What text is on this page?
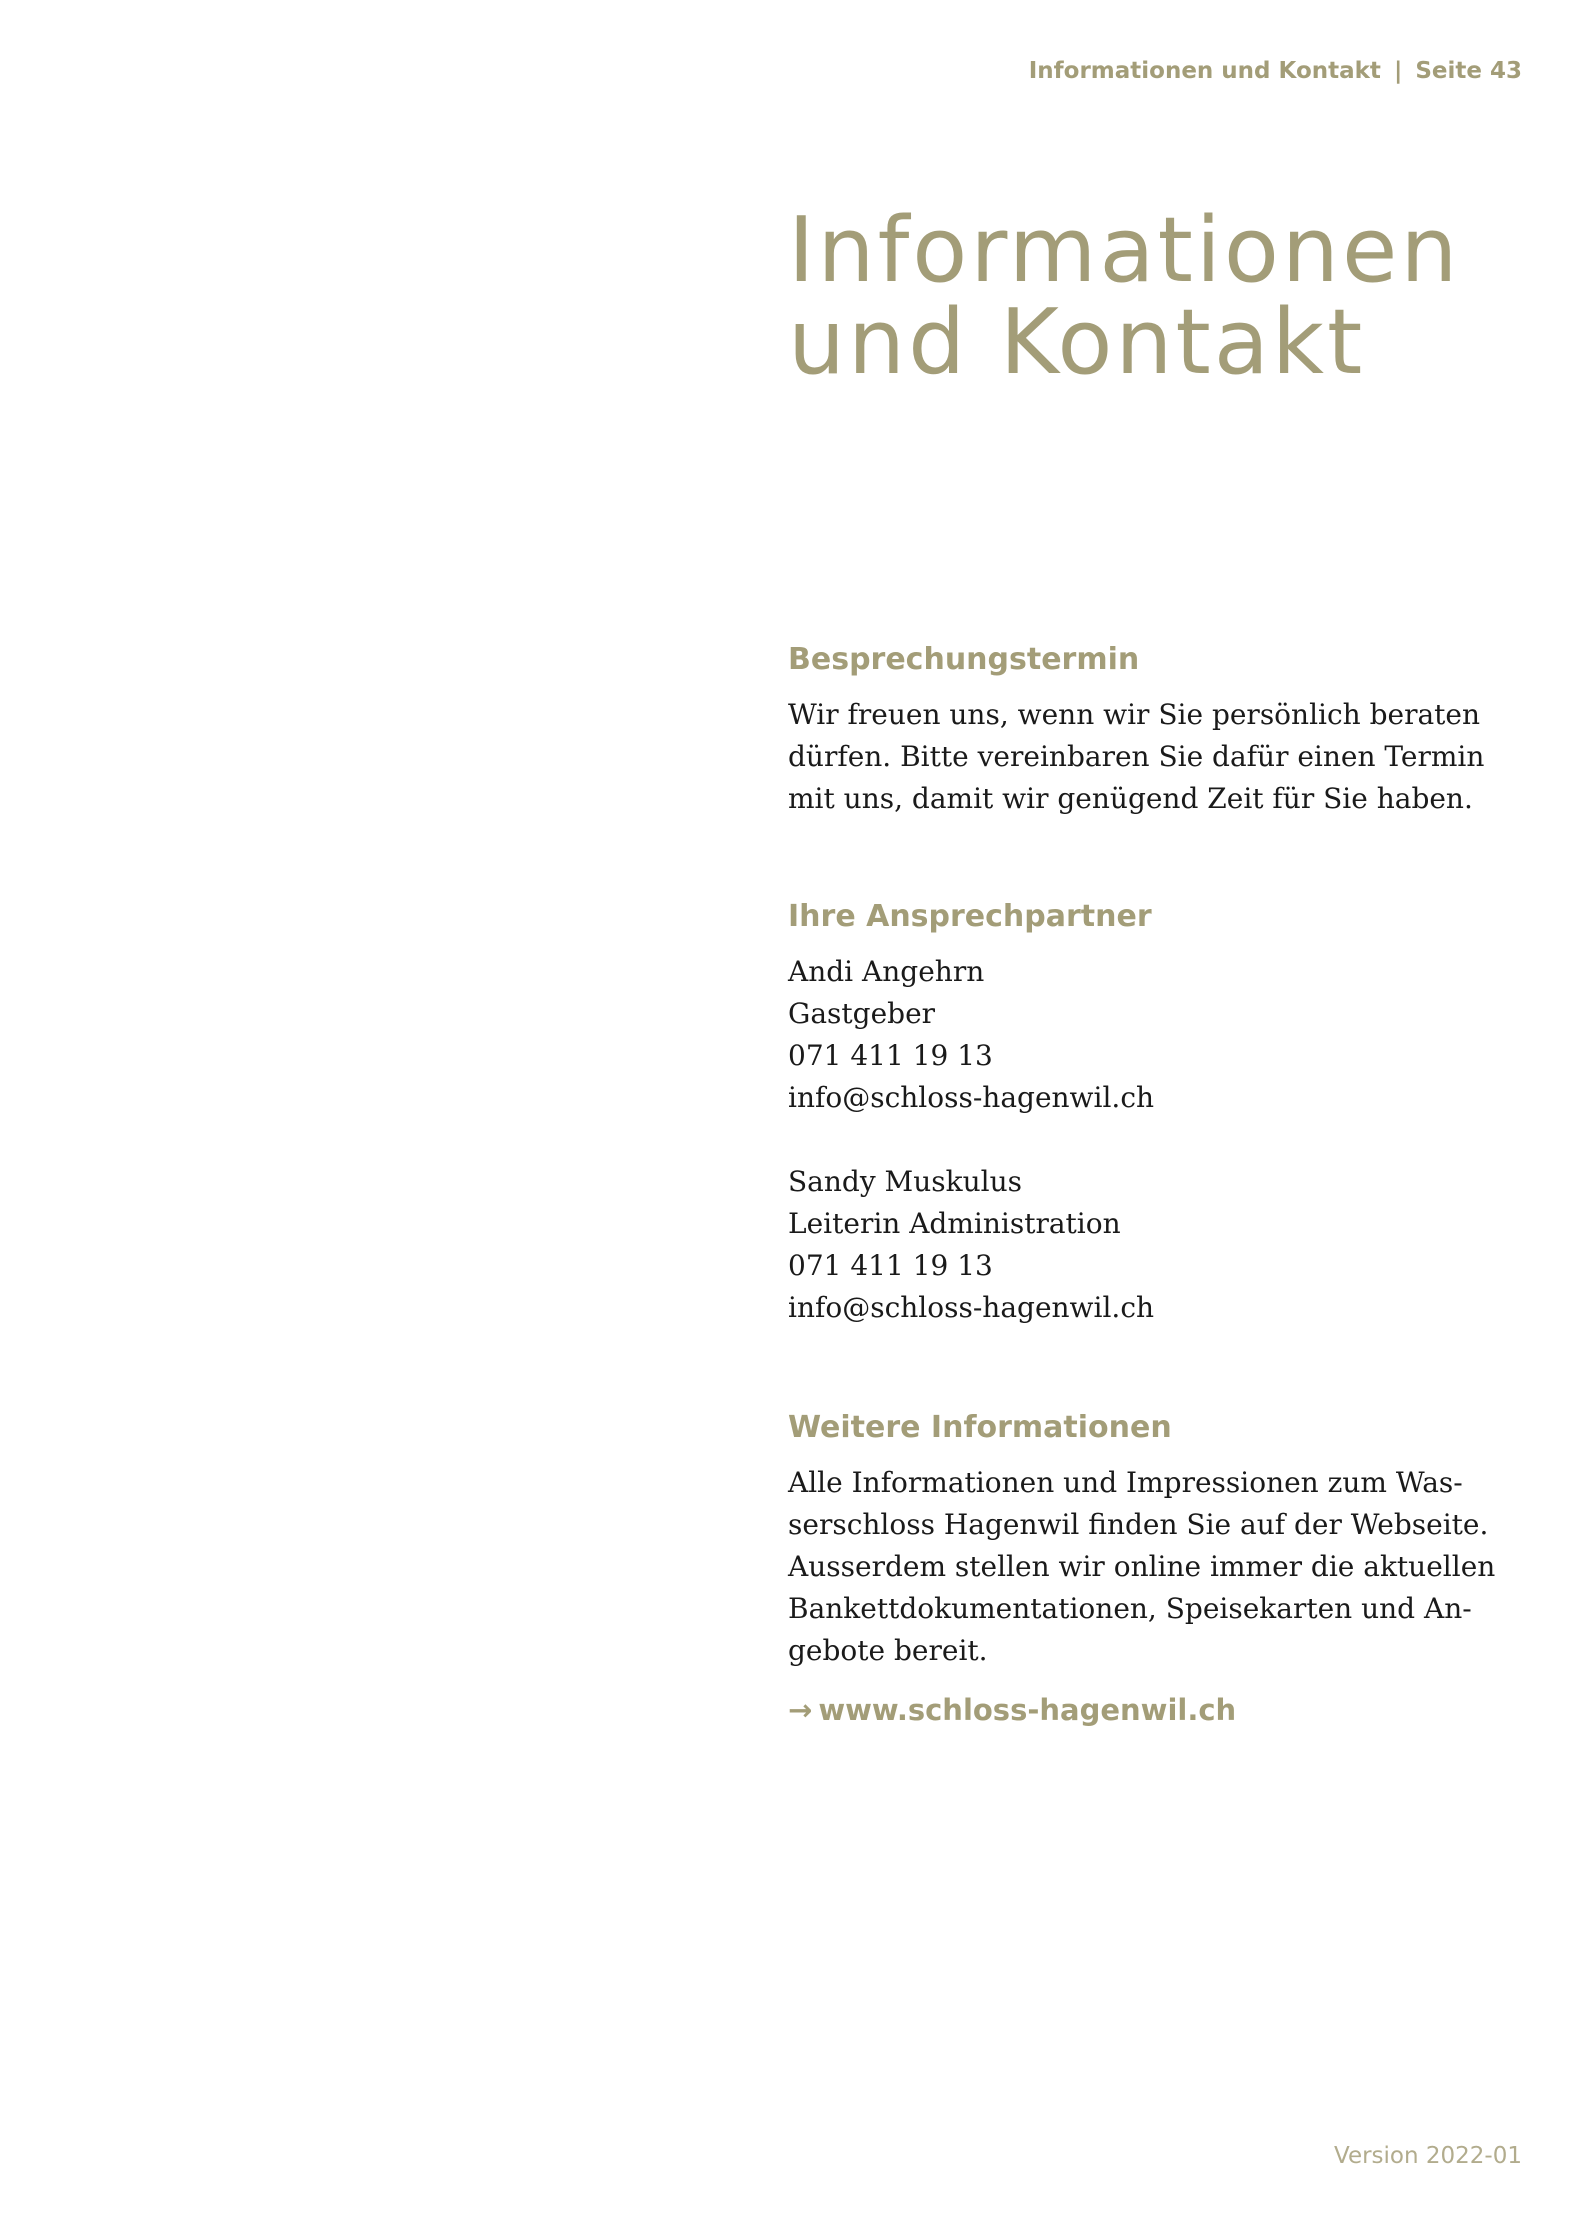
Informationen und Kontakt | Seite 43
Informationen
und Kontakt
Besprechungstermin
Wir freuen uns, wenn wir Sie persönlich beraten
dürfen. Bitte vereinbaren Sie dafür einen Termin
mit uns, damit wir genügend Zeit für Sie haben.
Ihre Ansprechpartner
Andi Angehrn
Gastgeber
071 411 19 13
info@schloss-hagenwil.ch
Sandy Muskulus
Leiterin Administration
071 411 19 13
info@schloss-hagenwil.ch
Weitere Informationen
Alle Informationen und Impressionen zum Was-
serschloss Hagenwil finden Sie auf der Webseite.
Ausserdem stellen wir online immer die aktuellen
Bankettdokumentationen, Speisekarten und An-
gebote bereit.
→ www.schloss-hagenwil.ch
Version 2022-01
